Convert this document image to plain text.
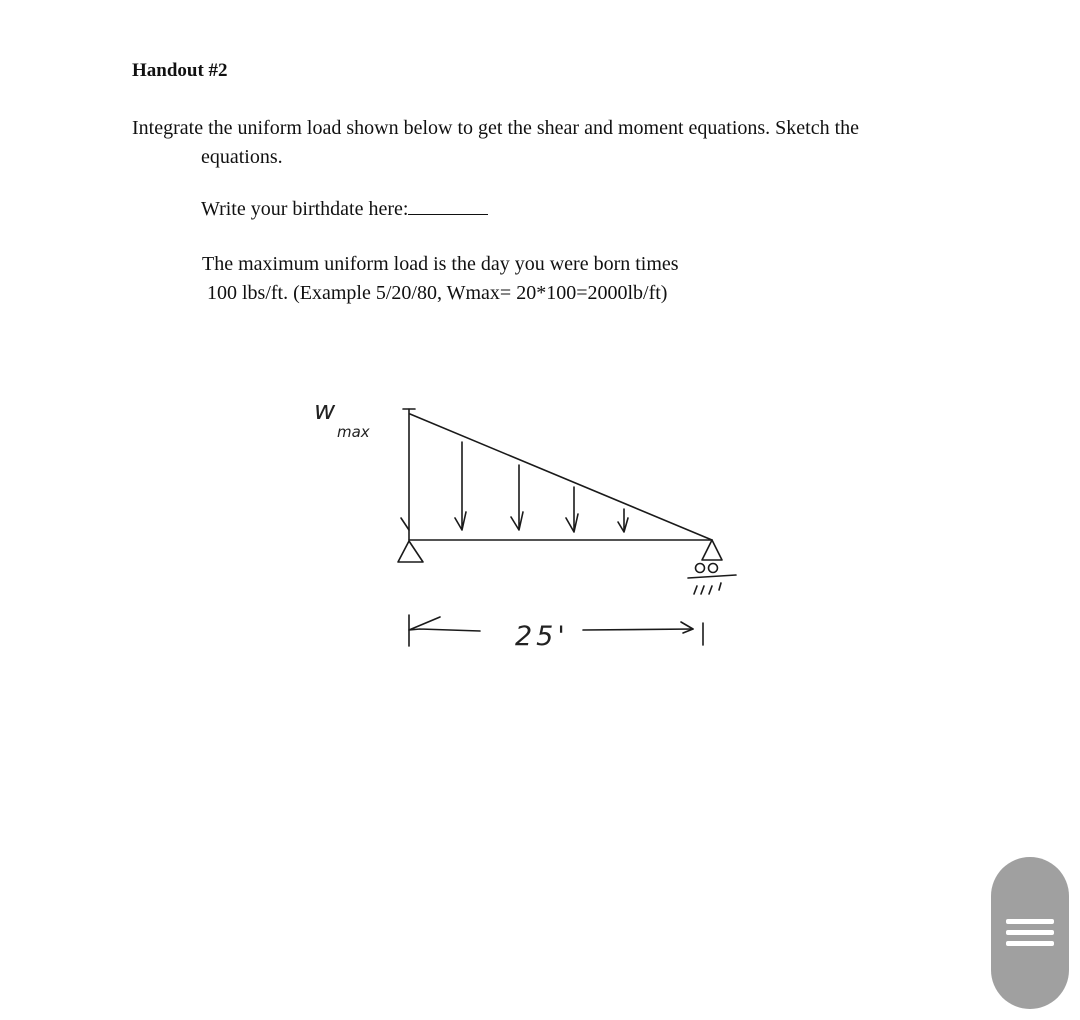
Handout #2

Integrate the uniform load shown below to get the shear and moment equations. Sketch the
equations.

Write your birthdate here:

The maximum uniform load is the day you were born times

100 lbs/ft. (Example 5/20/80, Wmax= 20*100=2000lb/ft)

w
max
25'
